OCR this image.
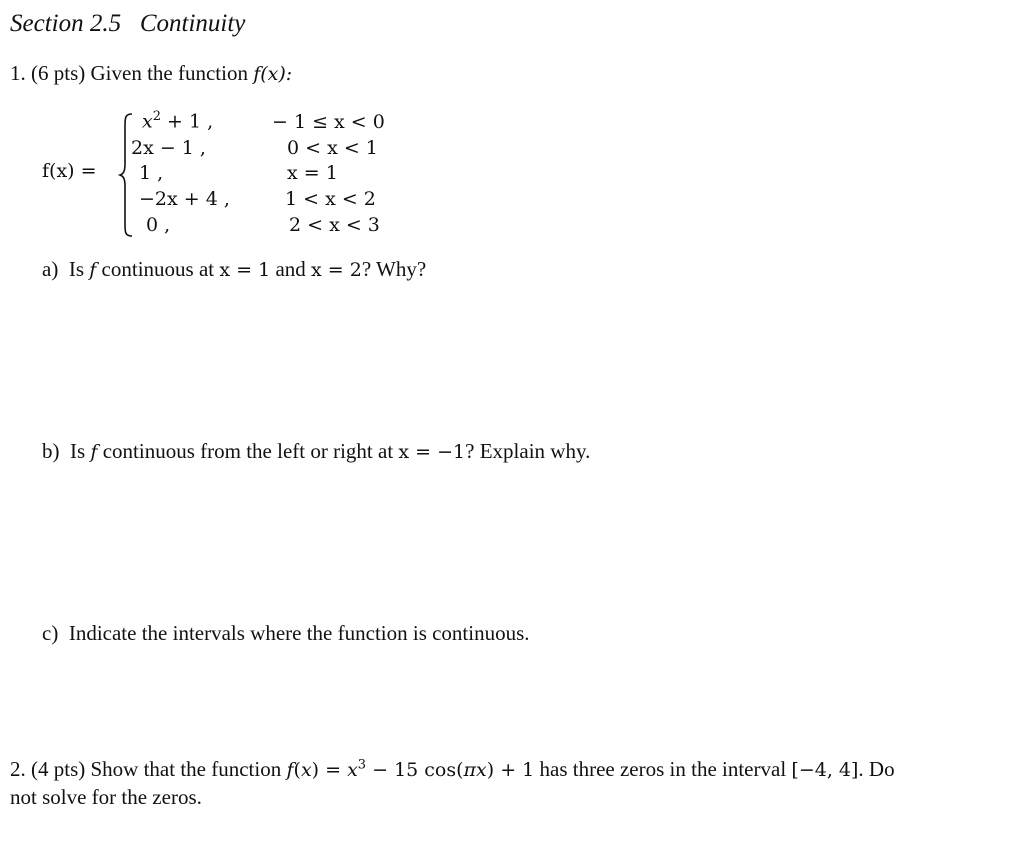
Section 2.5 Continuity
1. (6 pts) Given the function f(x):
f(x) =
$x^2 + 1$ ,	− 1 ≤ x < 0
2x − 1 ,	0 < x < 1
1 ,	x = 1
−2x + 4 ,	1 < x < 2
0 ,	2 < x < 3
a) Is f continuous at x = 1 and x = 2? Why?
b) Is f continuous from the left or right at x = −1? Explain why.
c) Indicate the intervals where the function is continuous.
2. (4 pts) Show that the function $f(x) = x^3 - 15$ cos(πx) + 1 has three zeros in the interval [−4, 4]. Do
not solve for the zeros.
